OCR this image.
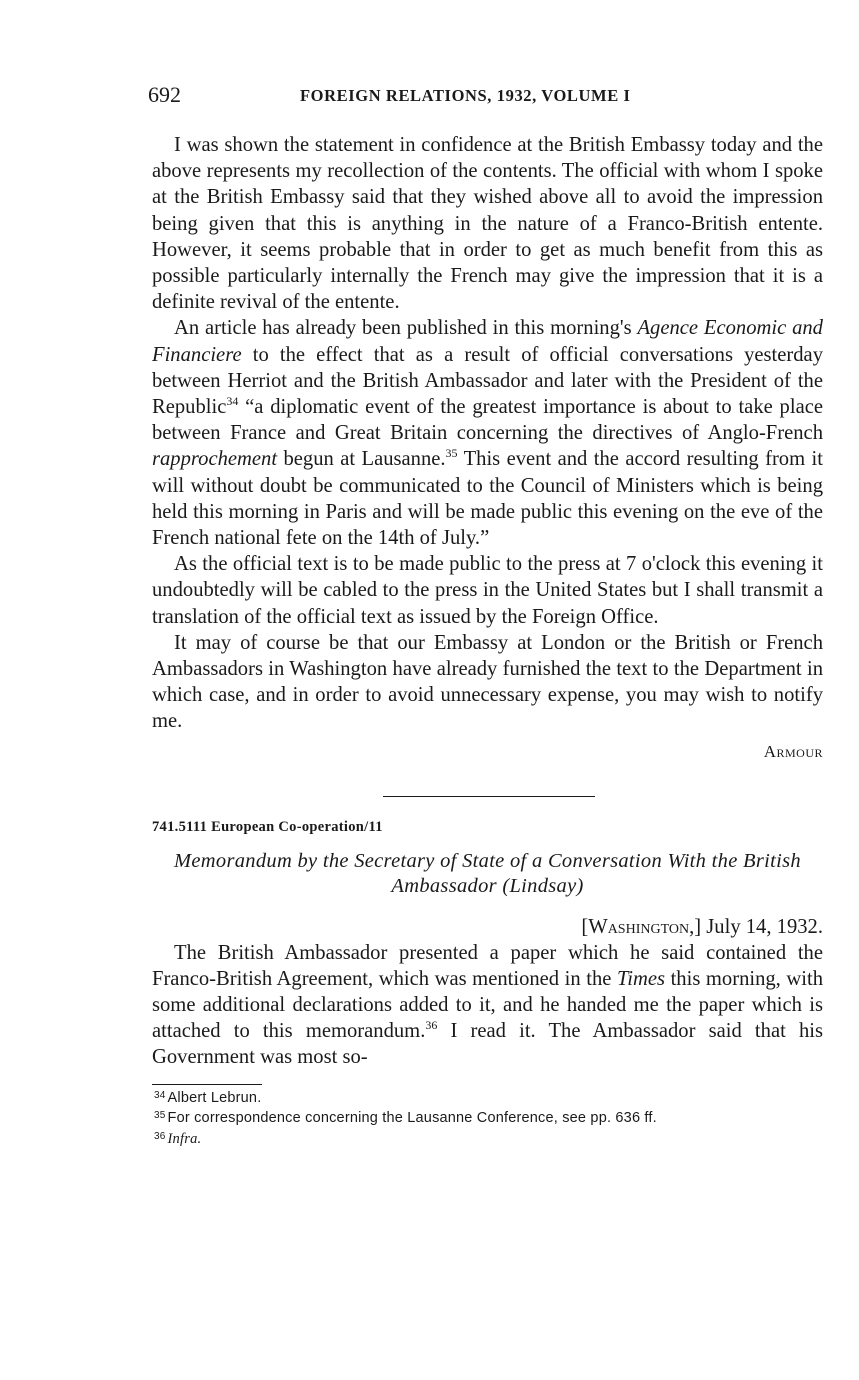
692	FOREIGN RELATIONS, 1932, VOLUME I

I was shown the statement in confidence at the British Embassy today and the above represents my recollection of the contents. The official with whom I spoke at the British Embassy said that they wished above all to avoid the impression being given that this is anything in the nature of a Franco-British entente. However, it seems probable that in order to get as much benefit from this as possible particularly internally the French may give the impression that it is a definite revival of the entente.

An article has already been published in this morning's Agence Economic and Financiere to the effect that as a result of official conversations yesterday between Herriot and the British Ambassador and later with the President of the Republic$^{34}$ “a diplomatic event of the greatest importance is about to take place between France and Great Britain concerning the directives of Anglo-French rapprochement begun at Lausanne.$^{35}$ This event and the accord resulting from it will without doubt be communicated to the Council of Ministers which is being held this morning in Paris and will be made public this evening on the eve of the French national fete on the 14th of July.”

As the official text is to be made public to the press at 7 o'clock this evening it undoubtedly will be cabled to the press in the United States but I shall transmit a translation of the official text as issued by the Foreign Office.

It may of course be that our Embassy at London or the British or French Ambassadors in Washington have already furnished the text to the Department in which case, and in order to avoid unnecessary expense, you may wish to notify me.

Armour
741.5111 European Co-operation/11
Memorandum by the Secretary of State of a Conversation With the British Ambassador (Lindsay)
[Washington,] July 14, 1932.

The British Ambassador presented a paper which he said contained the Franco-British Agreement, which was mentioned in the Times this morning, with some additional declarations added to it, and he handed me the paper which is attached to this memorandum.$^{36}$ I read it. The Ambassador said that his Government was most so-

$^{34}$ Albert Lebrun.
$^{35}$ For correspondence concerning the Lausanne Conference, see pp. 636 ff.
$^{36}$ Infra.
